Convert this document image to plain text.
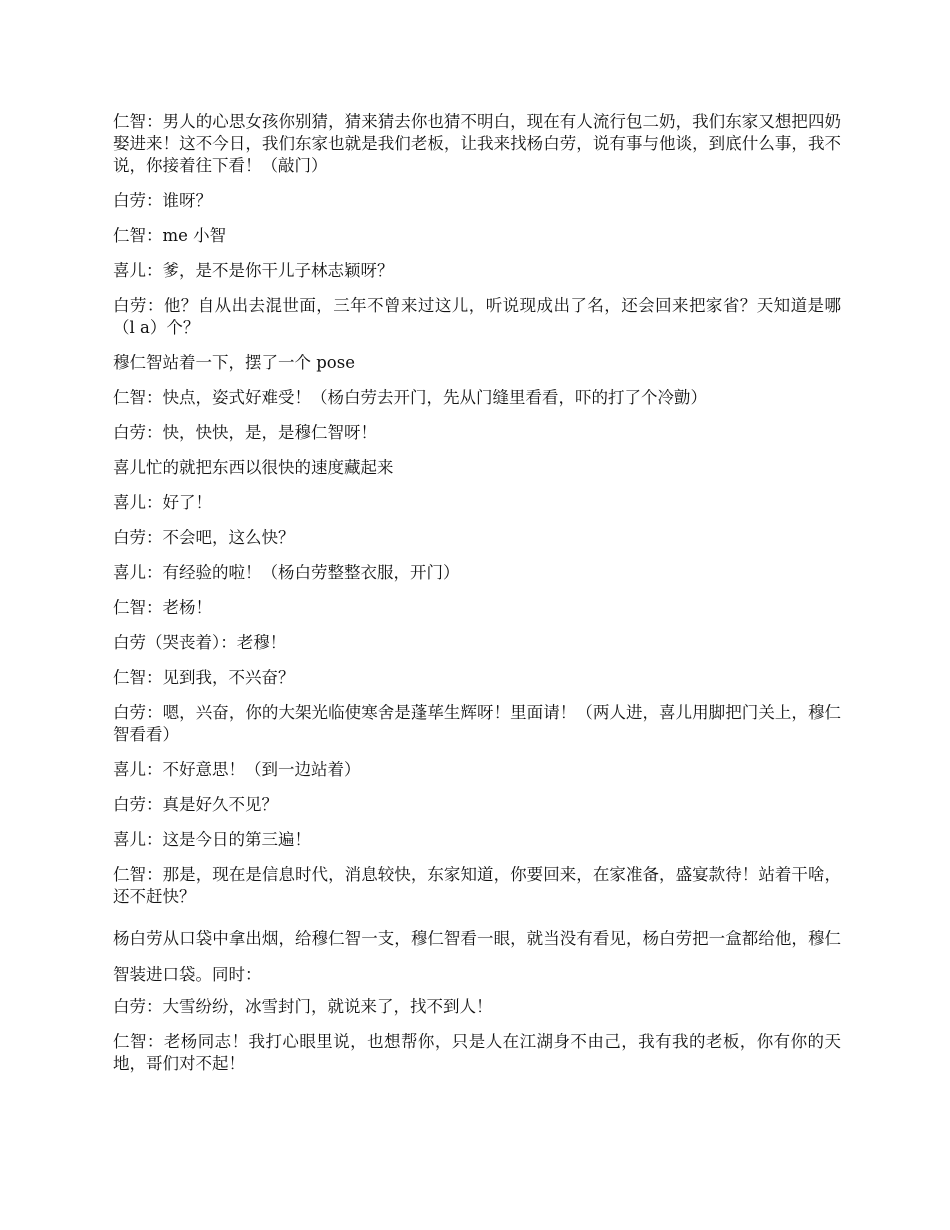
仁智：男人的心思女孩你别猜，猜来猜去你也猜不明白，现在有人流行包二奶，我们东家又想把四奶娶进来！这不今日，我们东家也就是我们老板，让我来找杨白劳，说有事与他谈，到底什么事，我不说，你接着往下看！（敲门）

白劳：谁呀？

仁智：me 小智

喜儿：爹，是不是你干儿子林志颖呀？

白劳：他？自从出去混世面，三年不曾来过这儿，听说现成出了名，还会回来把家省？天知道是哪（l a）个？

穆仁智站着一下，摆了一个 pose

仁智：快点，姿式好难受！（杨白劳去开门，先从门缝里看看，吓的打了个冷勯）

白劳：快，快快，是，是穆仁智呀！

喜儿忙的就把东西以很快的速度藏起来

喜儿：好了！

白劳：不会吧，这么快？

喜儿：有经验的啦！（杨白劳整整衣服，开门）

仁智：老杨！

白劳（哭丧着）：老穆！

仁智：见到我，不兴奋？

白劳：嗯，兴奋，你的大架光临使寒舍是蓬荜生辉呀！里面请！（两人进，喜儿用脚把门关上，穆仁智看看）

喜儿：不好意思！（到一边站着）

白劳：真是好久不见？

喜儿：这是今日的第三遍！

仁智：那是，现在是信息时代，消息较快，东家知道，你要回来，在家准备，盛宴款待！站着干啥，还不赶快？

杨白劳从口袋中拿出烟，给穆仁智一支，穆仁智看一眼，就当没有看见，杨白劳把一盒都给他，穆仁智装进口袋。同时：

白劳：大雪纷纷，冰雪封门，就说来了，找不到人！

仁智：老杨同志！我打心眼里说，也想帮你，只是人在江湖身不由己，我有我的老板，你有你的天地，哥们对不起！
